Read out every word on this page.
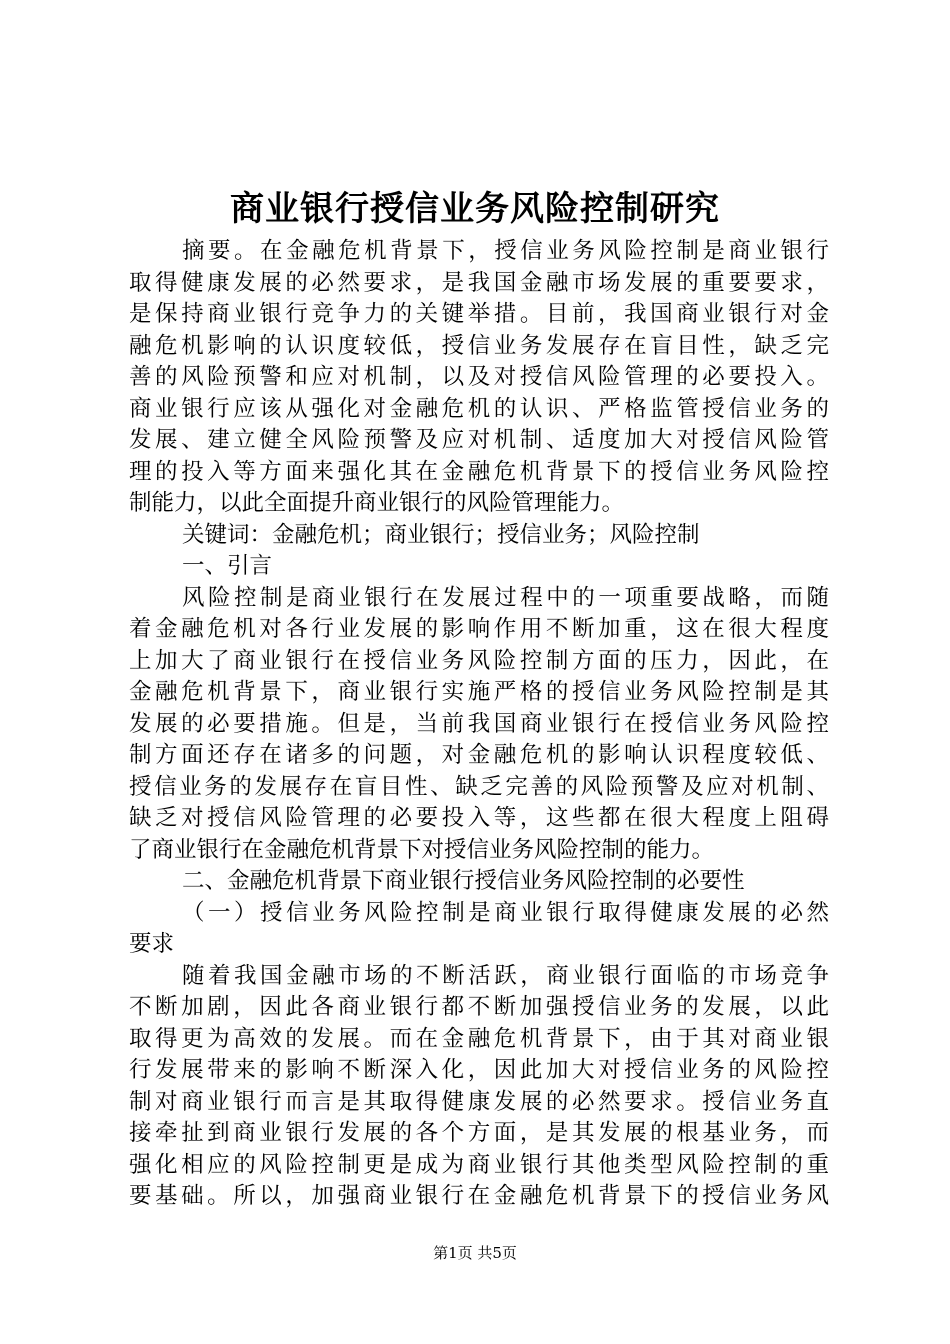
商业银行授信业务风险控制研究
摘要。在金融危机背景下，授信业务风险控制是商业银行
取得健康发展的必然要求，是我国金融市场发展的重要要求，
是保持商业银行竞争力的关键举措。目前，我国商业银行对金
融危机影响的认识度较低，授信业务发展存在盲目性，缺乏完
善的风险预警和应对机制，以及对授信风险管理的必要投入。
商业银行应该从强化对金融危机的认识、严格监管授信业务的
发展、建立健全风险预警及应对机制、适度加大对授信风险管
理的投入等方面来强化其在金融危机背景下的授信业务风险控
制能力，以此全面提升商业银行的风险管理能力。
关键词：金融危机；商业银行；授信业务；风险控制
一、引言
风险控制是商业银行在发展过程中的一项重要战略，而随
着金融危机对各行业发展的影响作用不断加重，这在很大程度
上加大了商业银行在授信业务风险控制方面的压力，因此，在
金融危机背景下，商业银行实施严格的授信业务风险控制是其
发展的必要措施。但是，当前我国商业银行在授信业务风险控
制方面还存在诸多的问题，对金融危机的影响认识程度较低、
授信业务的发展存在盲目性、缺乏完善的风险预警及应对机制、
缺乏对授信风险管理的必要投入等，这些都在很大程度上阻碍
了商业银行在金融危机背景下对授信业务风险控制的能力。
二、金融危机背景下商业银行授信业务风险控制的必要性
（一）授信业务风险控制是商业银行取得健康发展的必然
要求
随着我国金融市场的不断活跃，商业银行面临的市场竞争
不断加剧，因此各商业银行都不断加强授信业务的发展，以此
取得更为高效的发展。而在金融危机背景下，由于其对商业银
行发展带来的影响不断深入化，因此加大对授信业务的风险控
制对商业银行而言是其取得健康发展的必然要求。授信业务直
接牵扯到商业银行发展的各个方面，是其发展的根基业务，而
强化相应的风险控制更是成为商业银行其他类型风险控制的重
要基础。所以，加强商业银行在金融危机背景下的授信业务风
第1页 共5页
